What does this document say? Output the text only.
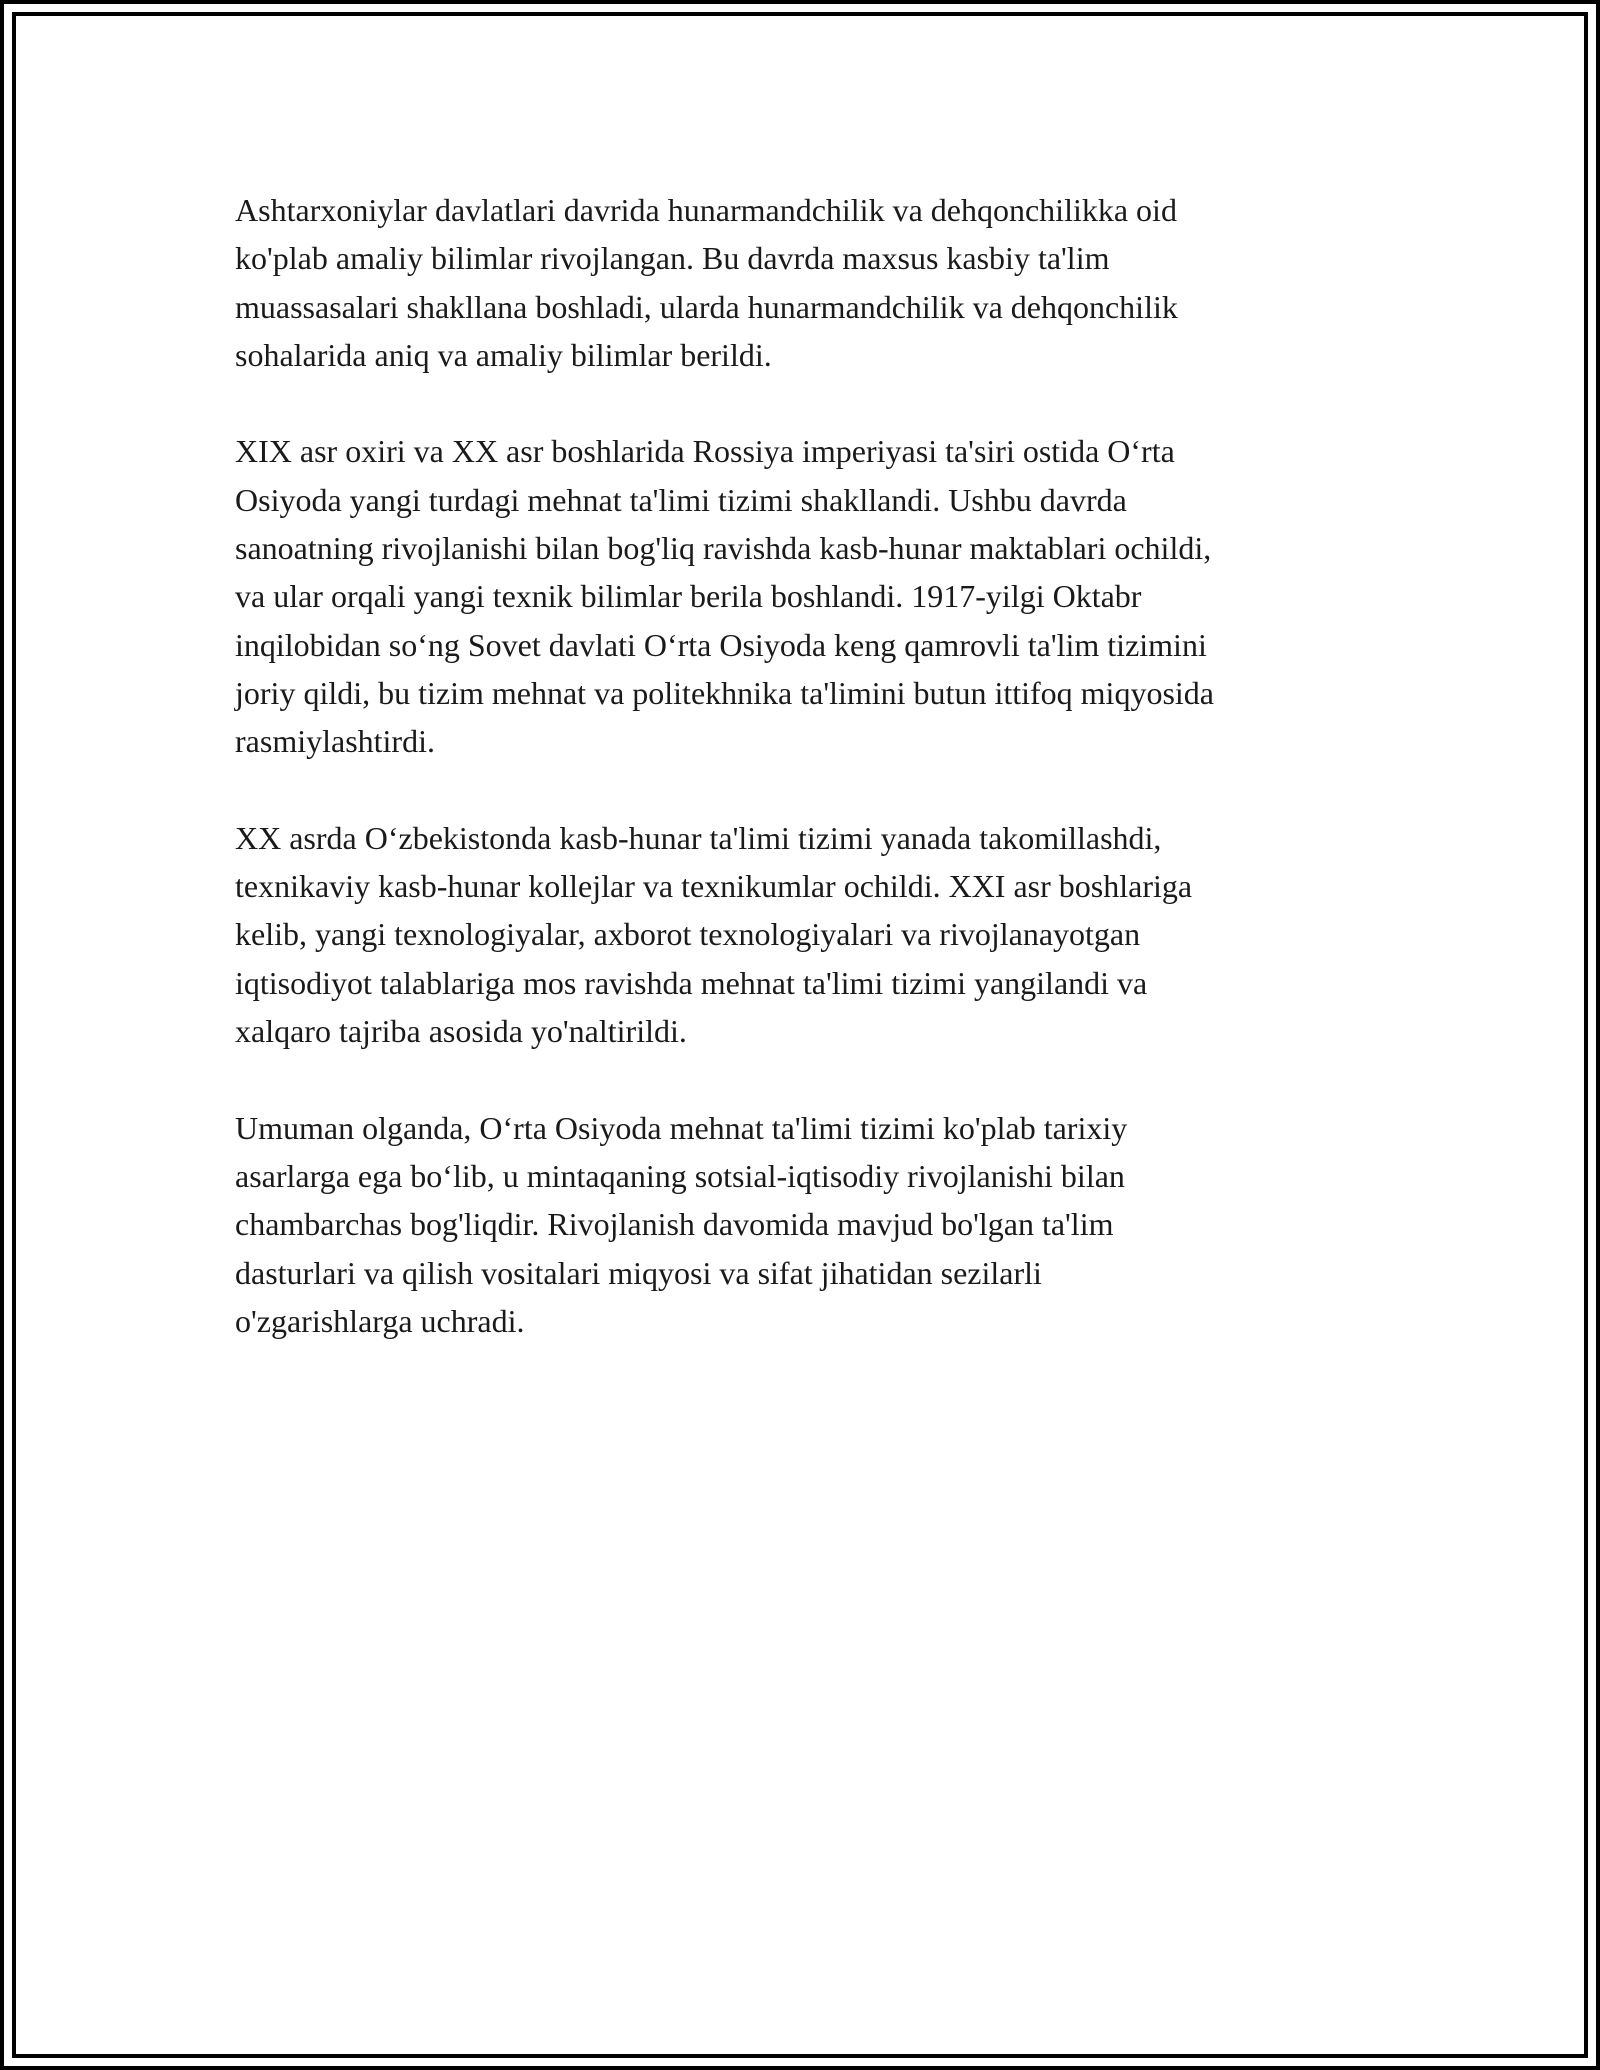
Ashtarxoniylar davlatlari davrida hunarmandchilik va dehqonchilikka oid
ko'plab amaliy bilimlar rivojlangan. Bu davrda maxsus kasbiy ta'lim
muassasalari shakllana boshladi, ularda hunarmandchilik va dehqonchilik
sohalarida aniq va amaliy bilimlar berildi.

XIX asr oxiri va XX asr boshlarida Rossiya imperiyasi ta'siri ostida Oʻrta
Osiyoda yangi turdagi mehnat ta'limi tizimi shakllandi. Ushbu davrda
sanoatning rivojlanishi bilan bog'liq ravishda kasb-hunar maktablari ochildi,
va ular orqali yangi texnik bilimlar berila boshlandi. 1917-yilgi Oktabr
inqilobidan soʻng Sovet davlati Oʻrta Osiyoda keng qamrovli ta'lim tizimini
joriy qildi, bu tizim mehnat va politekhnika ta'limini butun ittifoq miqyosida
rasmiylashtirdi.

XX asrda Oʻzbekistonda kasb-hunar ta'limi tizimi yanada takomillashdi,
texnikaviy kasb-hunar kollejlar va texnikumlar ochildi. XXI asr boshlariga
kelib, yangi texnologiyalar, axborot texnologiyalari va rivojlanayotgan
iqtisodiyot talablariga mos ravishda mehnat ta'limi tizimi yangilandi va
xalqaro tajriba asosida yo'naltirildi.

Umuman olganda, Oʻrta Osiyoda mehnat ta'limi tizimi ko'plab tarixiy
asarlarga ega boʻlib, u mintaqaning sotsial-iqtisodiy rivojlanishi bilan
chambarchas bog'liqdir. Rivojlanish davomida mavjud bo'lgan ta'lim
dasturlari va qilish vositalari miqyosi va sifat jihatidan sezilarli
o'zgarishlarga uchradi.
